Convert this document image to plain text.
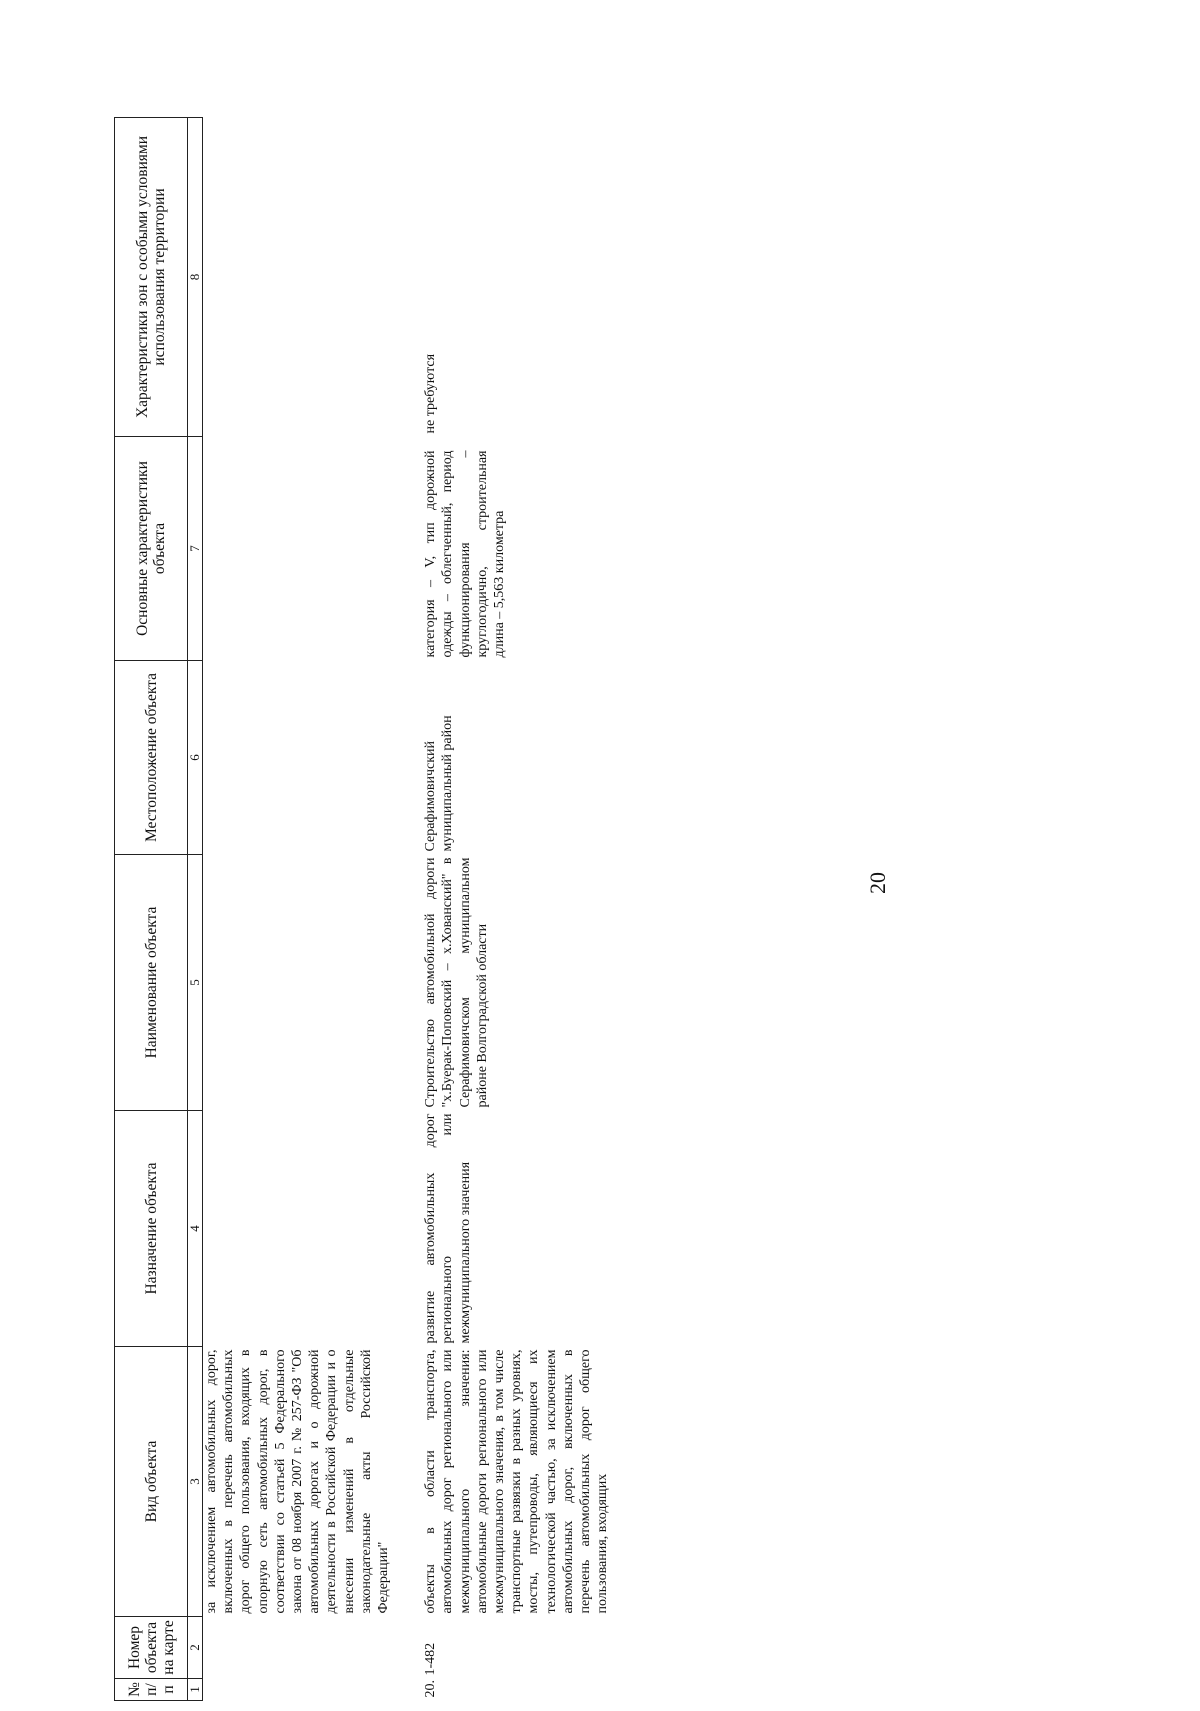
20
№ п/п	Номер объекта на карте	Вид объекта	Назначение объекта	Наименование объекта	Местоположение объекта	Основные характеристики объекта	Характеристики зон с особыми условиями использования территории
1	2	3	4	5	6	7	8
		за исключением автомобильных дорог, включенных в перечень автомобильных дорог общего пользования, входящих в опорную сеть автомобильных дорог, в соответствии со статьей 5 Федерального закона от 08 ноября 2007 г. № 257-ФЗ "Об автомобильных дорогах и о дорожной деятельности в Российской Федерации и о внесении изменений в отдельные законодательные акты Российской Федерации"					
20.	1-482	объекты в области транспорта, автомобильных дорог регионального или межмуниципального значения: автомобильные дороги регионального или межмуниципального значения, в том числе транспортные развязки в разных уровнях, мосты, путепроводы, являющиеся их технологической частью, за исключением автомобильных дорог, включенных в перечень автомобильных дорог общего пользования, входящих	развитие автомобильных дорог регионального или межмуниципального значения	Строительство автомобильной дороги "х.Буерак-Поповский – х.Хованский" в Серафимовичском муниципальном районе Волгоградской области	Серафимовичский муниципальный район	категория – V, тип дорожной одежды – облегченный, период функционирования – круглогодично, строительная длина – 5,563 километра	не требуются
